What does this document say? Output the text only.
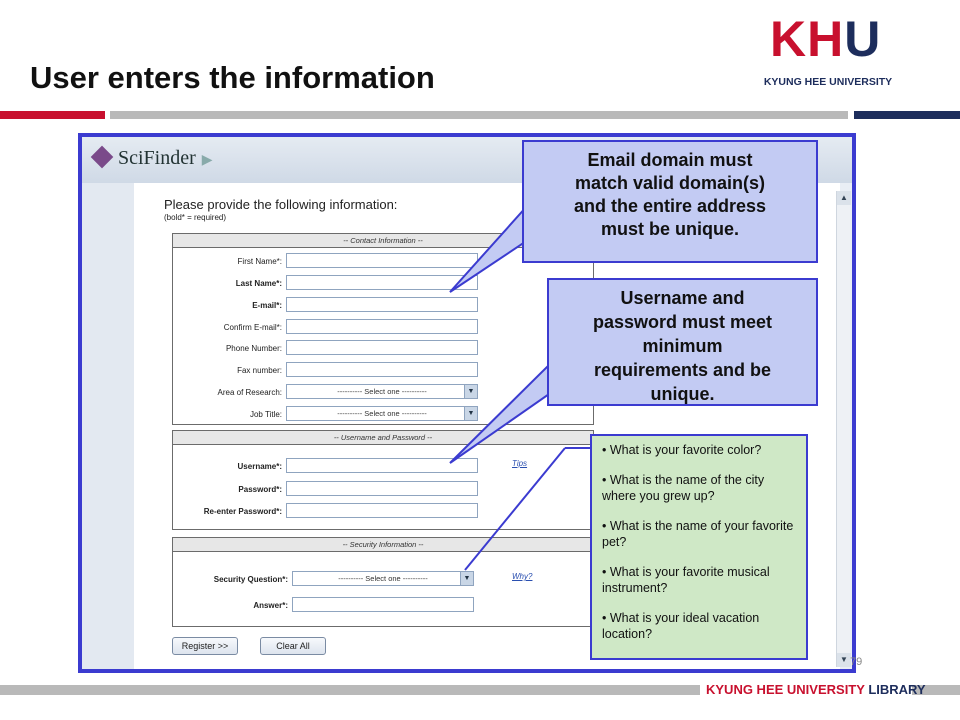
KHU
KYUNG HEE UNIVERSITY
User enters the information
SciFinder ▶
▲
▼
Please provide the following information:
(bold* = required)
-- Contact Information --
First Name*:
Last Name*:
E-mail*:
Confirm E-mail*:
Phone Number:
Fax number:
Area of Research:	---------- Select one ----------	▼
Job Title:	---------- Select one ----------	▼
-- Username and Password --
Username*:	Tips
Password*:
Re-enter Password*:
-- Security Information --
Security Question*:	---------- Select one ----------	▼	Why?
Answer*:
Register >>	Clear All
79
Email domain must
match valid domain(s)
and the entire address
must be unique.
Username and
password must meet
minimum
requirements and be
unique.
• What is your favorite color?
• What is the name of the city where you grew up?
• What is the name of your favorite pet?
• What is your favorite musical instrument?
• What is your ideal vacation location?
KYUNG HEE UNIVERSITY LIBRARY
